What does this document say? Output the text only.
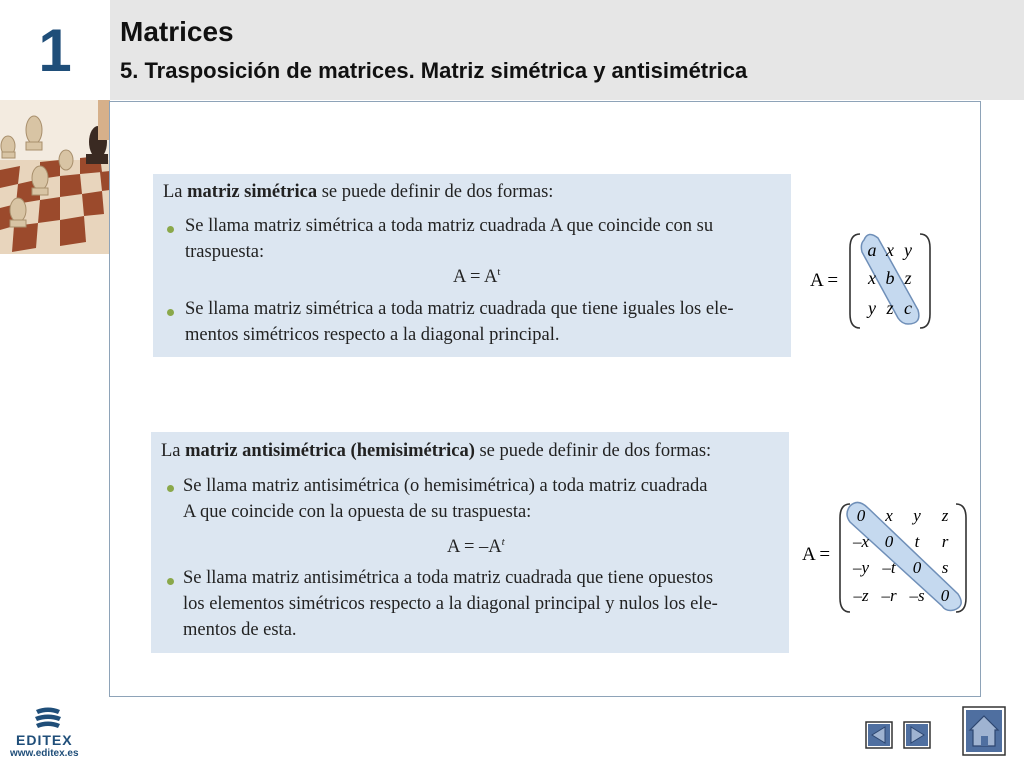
1	Matrices
5. Trasposición de matrices. Matriz simétrica y antisimétrica
La matriz simétrica se puede definir de dos formas:
Se llama matriz simétrica a toda matriz cuadrada A que coincide con su
traspuesta:
$A = A^t$
Se llama matriz simétrica a toda matriz cuadrada que tiene iguales los ele-
mentos simétricos respecto a la diagonal principal.
La matriz antisimétrica (hemisimétrica) se puede definir de dos formas:
Se llama matriz antisimétrica (o hemisimétrica) a toda matriz cuadrada
A que coincide con la opuesta de su traspuesta:
$A = -A^t$
Se llama matriz antisimétrica a toda matriz cuadrada que tiene opuestos
los elementos simétricos respecto a la diagonal principal y nulos los ele-
mentos de esta.
A =
a x y
x b z
y z c
A =
0	x	y	z
–x 0	t	r
–y –t	0	s
–z –r –s 0
EDITEX
www.editex.es
